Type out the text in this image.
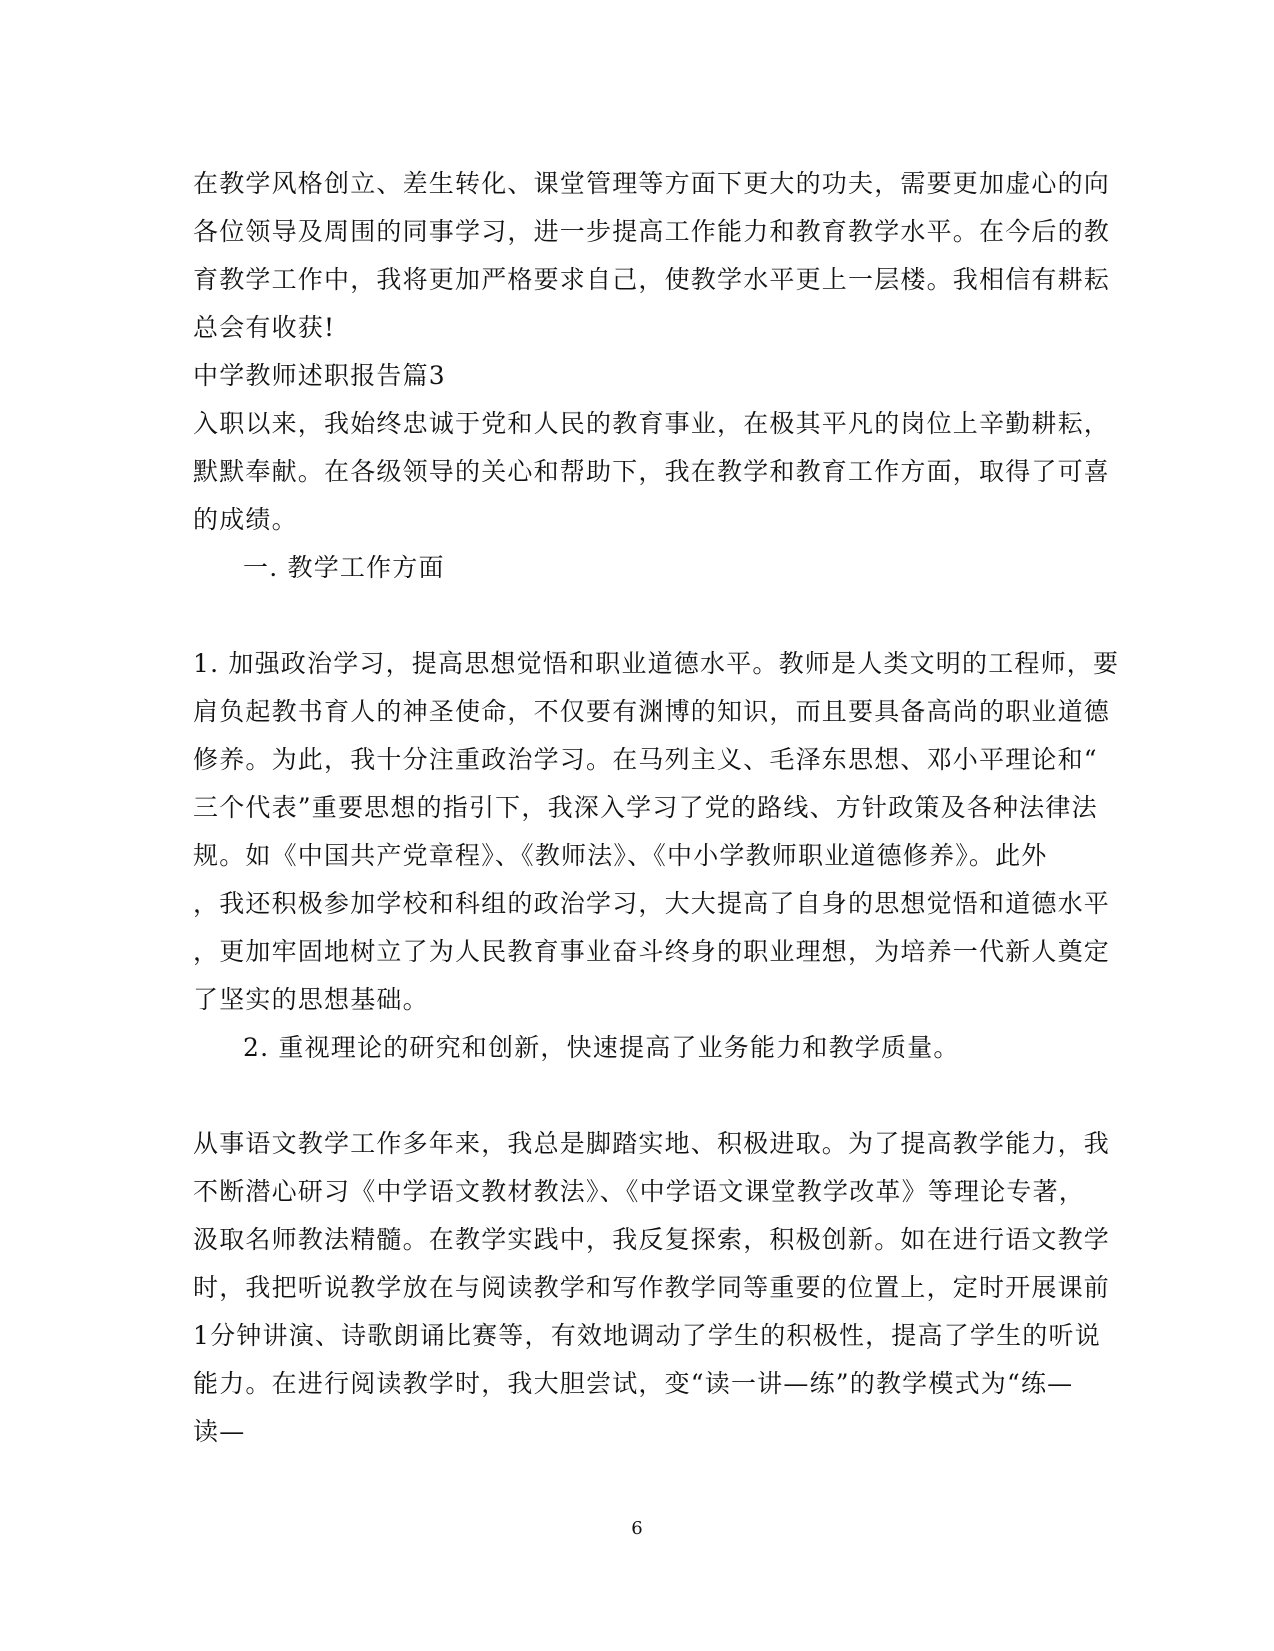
在教学风格创立、差生转化、课堂管理等方面下更大的功夫，需要更加虚心的向
各位领导及周围的同事学习，进一步提高工作能力和教育教学水平。在今后的教
育教学工作中，我将更加严格要求自己，使教学水平更上一层楼。我相信有耕耘
总会有收获!
中学教师述职报告篇3
入职以来，我始终忠诚于党和人民的教育事业，在极其平凡的岗位上辛勤耕耘，
默默奉献。在各级领导的关心和帮助下，我在教学和教育工作方面，取得了可喜
的成绩。
一. 教学工作方面
1. 加强政治学习，提高思想觉悟和职业道德水平。教师是人类文明的工程师，要
肩负起教书育人的神圣使命，不仅要有渊博的知识，而且要具备高尚的职业道德
修养。为此，我十分注重政治学习。在马列主义、毛泽东思想、邓小平理论和“
三个代表”重要思想的指引下，我深入学习了党的路线、方针政策及各种法律法
规。如《中国共产党章程》、《教师法》、《中小学教师职业道德修养》。此外
，我还积极参加学校和科组的政治学习，大大提高了自身的思想觉悟和道德水平
，更加牢固地树立了为人民教育事业奋斗终身的职业理想，为培养一代新人奠定
了坚实的思想基础。
2. 重视理论的研究和创新，快速提高了业务能力和教学质量。
从事语文教学工作多年来，我总是脚踏实地、积极进取。为了提高教学能力，我
不断潜心研习《中学语文教材教法》、《中学语文课堂教学改革》等理论专著，
汲取名师教法精髓。在教学实践中，我反复探索，积极创新。如在进行语文教学
时，我把听说教学放在与阅读教学和写作教学同等重要的位置上，定时开展课前
1分钟讲演、诗歌朗诵比赛等，有效地调动了学生的积极性，提高了学生的听说
能力。在进行阅读教学时，我大胆尝试，变“读一讲—练”的教学模式为“练—
读—
6
